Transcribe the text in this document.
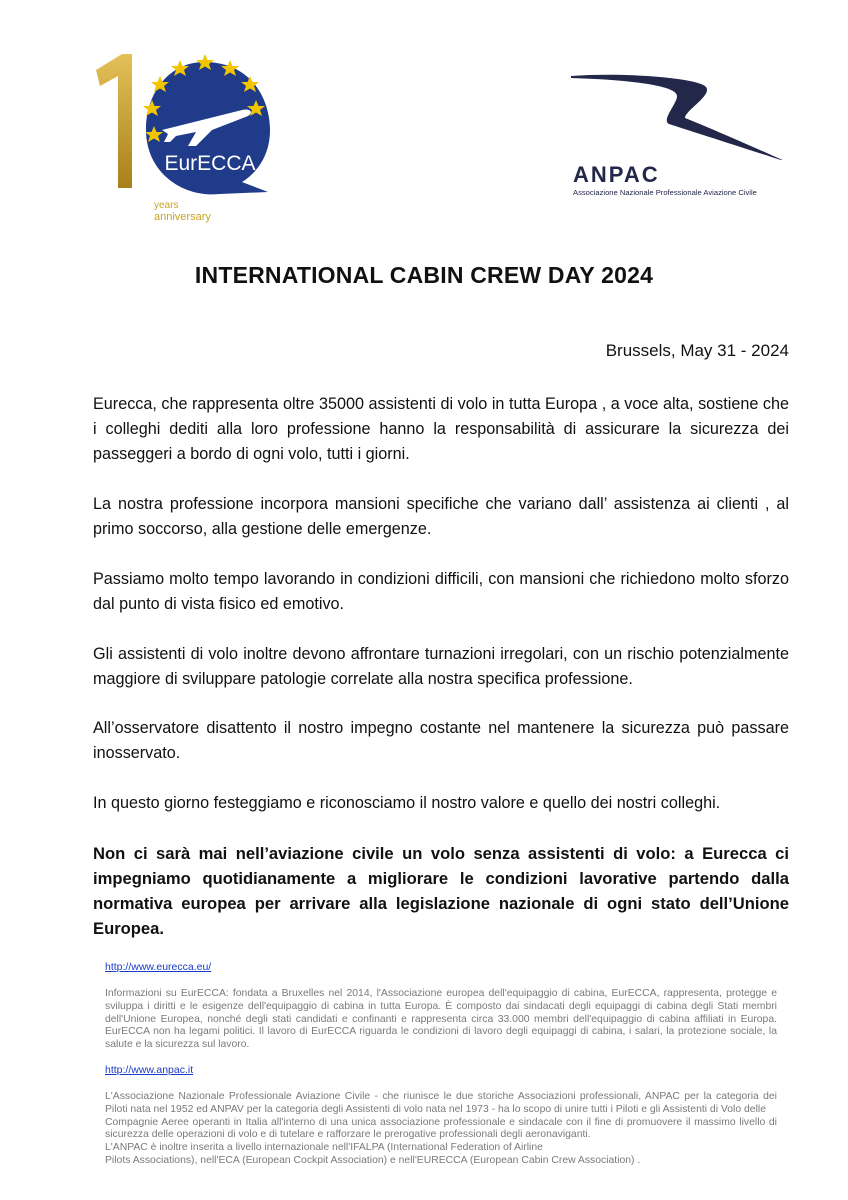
EurECCA
years
anniversary
ANPAC
Associazione Nazionale Professionale Aviazione Civile
INTERNATIONAL CABIN CREW DAY 2024
Brussels, May 31 - 2024

Eurecca, che rappresenta oltre 35000 assistenti di volo in tutta Europa , a voce alta, sostiene che i colleghi dediti alla loro professione hanno la responsabilità di assicurare la sicurezza dei passeggeri a bordo di ogni volo, tutti i giorni.

La nostra professione incorpora mansioni specifiche che variano dall’ assistenza ai clienti , al primo soccorso, alla gestione delle emergenze.

Passiamo molto tempo lavorando in condizioni difficili, con mansioni che richiedono molto sforzo dal punto di vista fisico ed emotivo.

Gli assistenti di volo inoltre devono affrontare turnazioni irregolari, con un rischio potenzialmente maggiore di sviluppare patologie correlate alla nostra specifica professione.

All’osservatore disattento il nostro impegno costante nel mantenere la sicurezza può passare inosservato.

In questo giorno festeggiamo e riconosciamo il nostro valore e quello dei nostri colleghi.

Non ci sarà mai nell’aviazione civile un volo senza assistenti di volo: a Eurecca ci impegniamo quotidianamente a migliorare le condizioni lavorative partendo dalla normativa europea per arrivare alla legislazione nazionale di ogni stato dell’Unione Europea.

http://www.eurecca.eu/

Informazioni su EurECCA: fondata a Bruxelles nel 2014, l'Associazione europea dell'equipaggio di cabina, EurECCA, rappresenta, protegge e sviluppa i diritti e le esigenze dell'equipaggio di cabina in tutta Europa. È composto dai sindacati degli equipaggi di cabina degli Stati membri dell'Unione Europea, nonché degli stati candidati e confinanti e rappresenta circa 33.000 membri dell'equipaggio di cabina affiliati in Europa. EurECCA non ha legami politici. Il lavoro di EurECCA riguarda le condizioni di lavoro degli equipaggi di cabina, i salari, la protezione sociale, la salute e la sicurezza sul lavoro.

http://www.anpac.it
L'Associazione Nazionale Professionale Aviazione Civile - che riunisce le due storiche Associazioni professionali, ANPAC per la categoria dei Piloti nata nel 1952 ed ANPAV per la categoria degli Assistenti di volo nata nel 1973 - ha lo scopo di unire tutti i Piloti e gli Assistenti di Volo delle
Compagnie Aeree operanti in Italia all'interno di una unica associazione professionale e sindacale con il fine di promuovere il massimo livello di sicurezza delle operazioni di volo e di tutelare e rafforzare le prerogative professionali degli aeronaviganti.
L'ANPAC è inoltre inserita a livello internazionale nell'IFALPA (International Federation of Airline
Pilots Associations), nell'ECA (European Cockpit Association) e nell'EURECCA (European Cabin Crew Association) .
